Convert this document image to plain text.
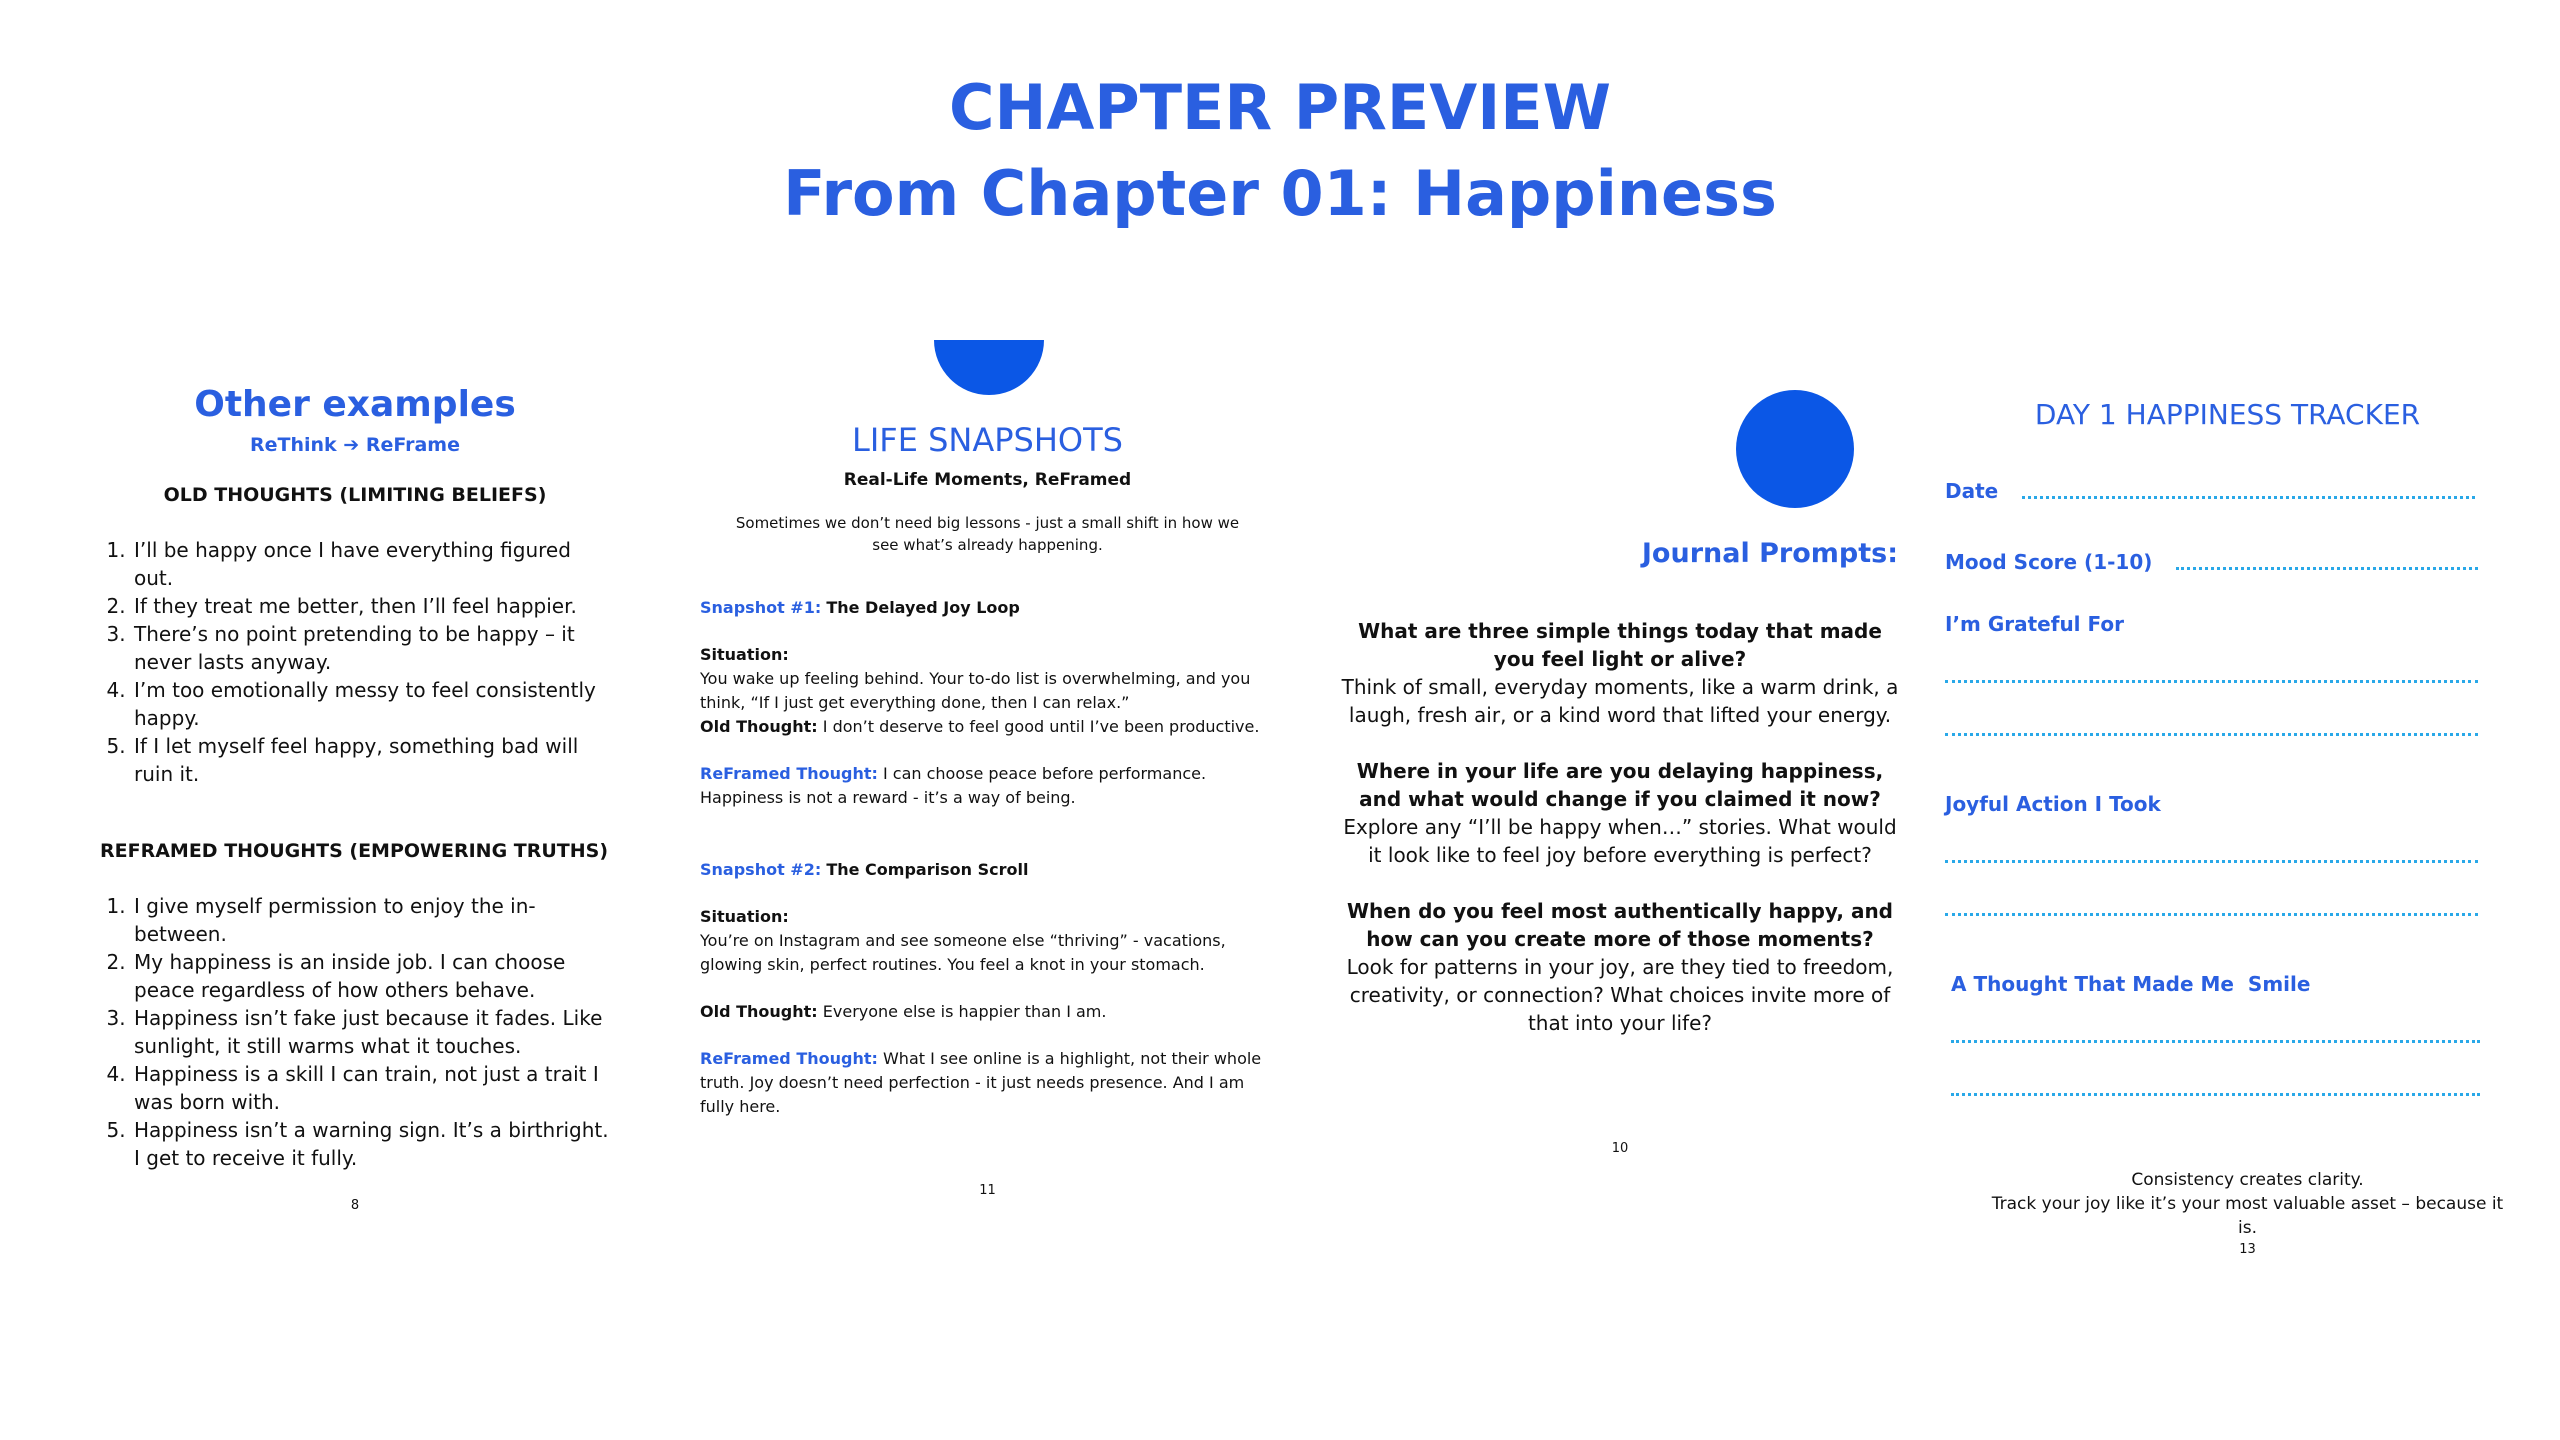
CHAPTER PREVIEW
From Chapter 01: Happiness
Other examples
ReThink ➔ ReFrame
OLD THOUGHTS (LIMITING BELIEFS)
1. I’ll be happy once I have everything figured out.
2. If they treat me better, then I’ll feel happier.
3. There’s no point pretending to be happy – it never lasts anyway.
4. I’m too emotionally messy to feel consistently happy.
5. If I let myself feel happy, something bad will ruin it.
REFRAMED THOUGHTS (EMPOWERING TRUTHS)
1. I give myself permission to enjoy the in-between.
2. My happiness is an inside job. I can choose peace regardless of how others behave.
3. Happiness isn’t fake just because it fades. Like sunlight, it still warms what it touches.
4. Happiness is a skill I can train, not just a trait I was born with.
5. Happiness isn’t a warning sign. It’s a birthright. I get to receive it fully.
8
LIFE SNAPSHOTS
Real-Life Moments, ReFramed
Sometimes we don’t need big lessons - just a small shift in how we see what’s already happening.

Snapshot #1: The Delayed Joy Loop

Situation:

You wake up feeling behind. Your to-do list is overwhelming, and you think, “If I just get everything done, then I can relax.”

Old Thought: I don’t deserve to feel good until I’ve been productive.

ReFramed Thought: I can choose peace before performance. Happiness is not a reward - it’s a way of being.

Snapshot #2: The Comparison Scroll

Situation:

You’re on Instagram and see someone else “thriving” - vacations, glowing skin, perfect routines. You feel a knot in your stomach.

Old Thought: Everyone else is happier than I am.

ReFramed Thought: What I see online is a highlight, not their whole truth. Joy doesn’t need perfection - it just needs presence. And I am fully here.

11
Journal Prompts:
What are three simple things today that made you feel light or alive?
Think of small, everyday moments, like a warm drink, a laugh, fresh air, or a kind word that lifted your energy.
Where in your life are you delaying happiness, and what would change if you claimed it now?
Explore any “I’ll be happy when…” stories. What would it look like to feel joy before everything is perfect?
When do you feel most authentically happy, and how can you create more of those moments?
Look for patterns in your joy, are they tied to freedom, creativity, or connection? What choices invite more of that into your life?
10
DAY 1 HAPPINESS TRACKER
Date
Mood Score (1-10)
I’m Grateful For
Joyful Action I Took
A Thought That Made Me  Smile
Consistency creates clarity.
Track your joy like it’s your most valuable asset – because it is.
13
